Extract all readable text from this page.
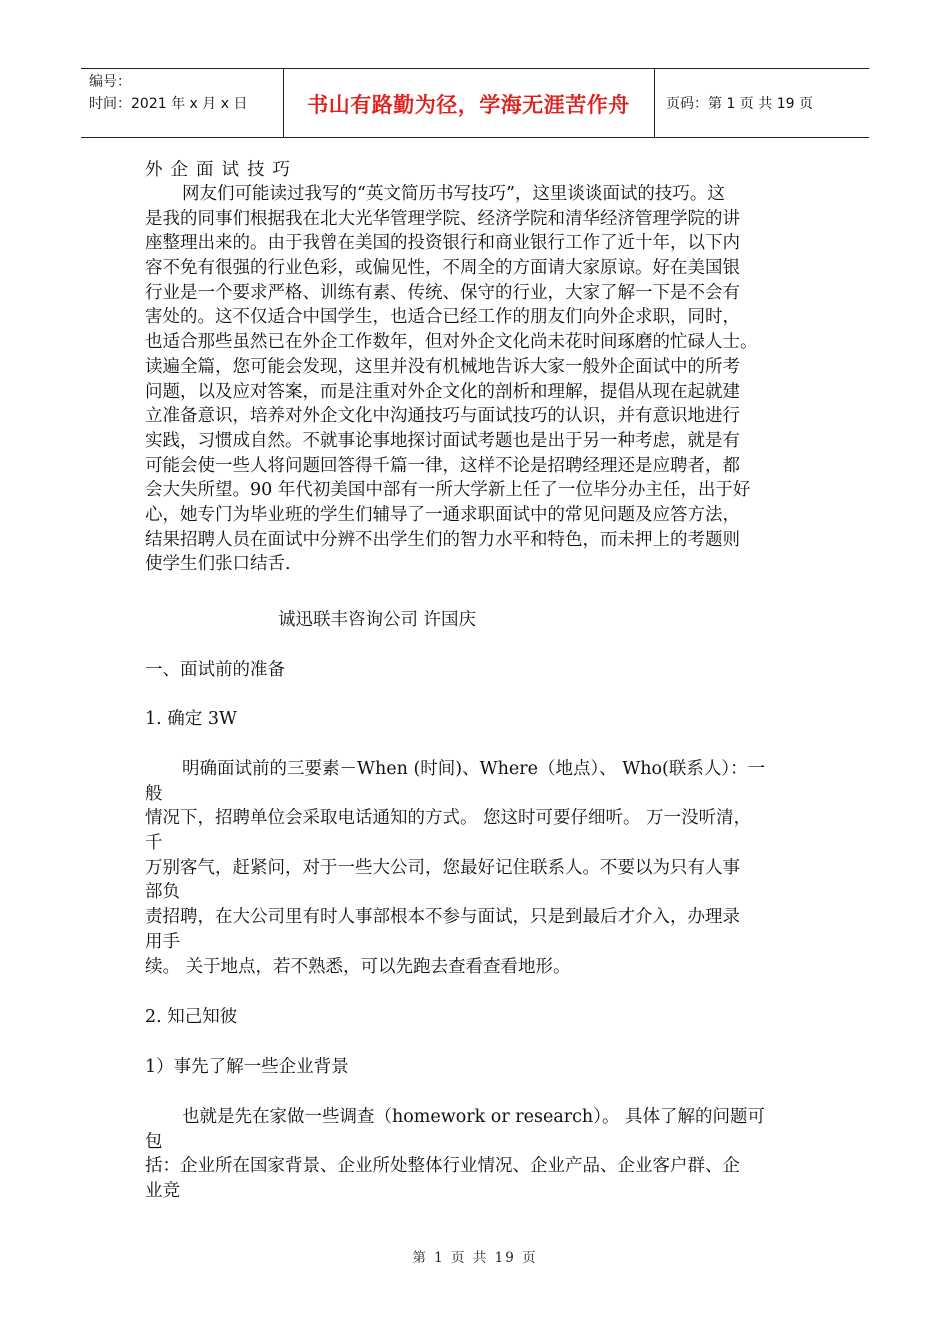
编号：
时间：2021 年 x 月 x 日	书山有路勤为径，学海无涯苦作舟	页码：第 1 页 共 19 页
外企面试技巧
网友们可能读过我写的“英文简历书写技巧”，这里谈谈面试的技巧。这
是我的同事们根据我在北大光华管理学院、经济学院和清华经济管理学院的讲
座整理出来的。由于我曾在美国的投资银行和商业银行工作了近十年，以下内
容不免有很强的行业色彩，或偏见性，不周全的方面请大家原谅。好在美国银
行业是一个要求严格、训练有素、传统、保守的行业，大家了解一下是不会有
害处的。这不仅适合中国学生，也适合已经工作的朋友们向外企求职，同时，
也适合那些虽然已在外企工作数年，但对外企文化尚未花时间琢磨的忙碌人士。
读遍全篇，您可能会发现，这里并没有机械地告诉大家一般外企面试中的所考
问题，以及应对答案，而是注重对外企文化的剖析和理解，提倡从现在起就建
立准备意识，培养对外企文化中沟通技巧与面试技巧的认识，并有意识地进行
实践，习惯成自然。不就事论事地探讨面试考题也是出于另一种考虑，就是有
可能会使一些人将问题回答得千篇一律，这样不论是招聘经理还是应聘者，都
会大失所望。90 年代初美国中部有一所大学新上任了一位毕分办主任，出于好
心，她专门为毕业班的学生们辅导了一通求职面试中的常见问题及应答方法，
结果招聘人员在面试中分辨不出学生们的智力水平和特色，而未押上的考题则
使学生们张口结舌.
诚迅联丰咨询公司 许国庆
一、面试前的准备
1. 确定 3W
明确面试前的三要素－When (时间)、Where（地点）、 Who(联系人）：一
般
情况下，招聘单位会采取电话通知的方式。 您这时可要仔细听。 万一没听清，
千
万别客气，赶紧问，对于一些大公司，您最好记住联系人。不要以为只有人事
部负
责招聘，在大公司里有时人事部根本不参与面试，只是到最后才介入，办理录
用手
续。 关于地点，若不熟悉，可以先跑去查看查看地形。
2. 知己知彼
1）事先了解一些企业背景
也就是先在家做一些调查（homework or research）。 具体了解的问题可
包
括：企业所在国家背景、企业所处整体行业情况、企业产品、企业客户群、企
业竞
第 1 页 共 19 页
